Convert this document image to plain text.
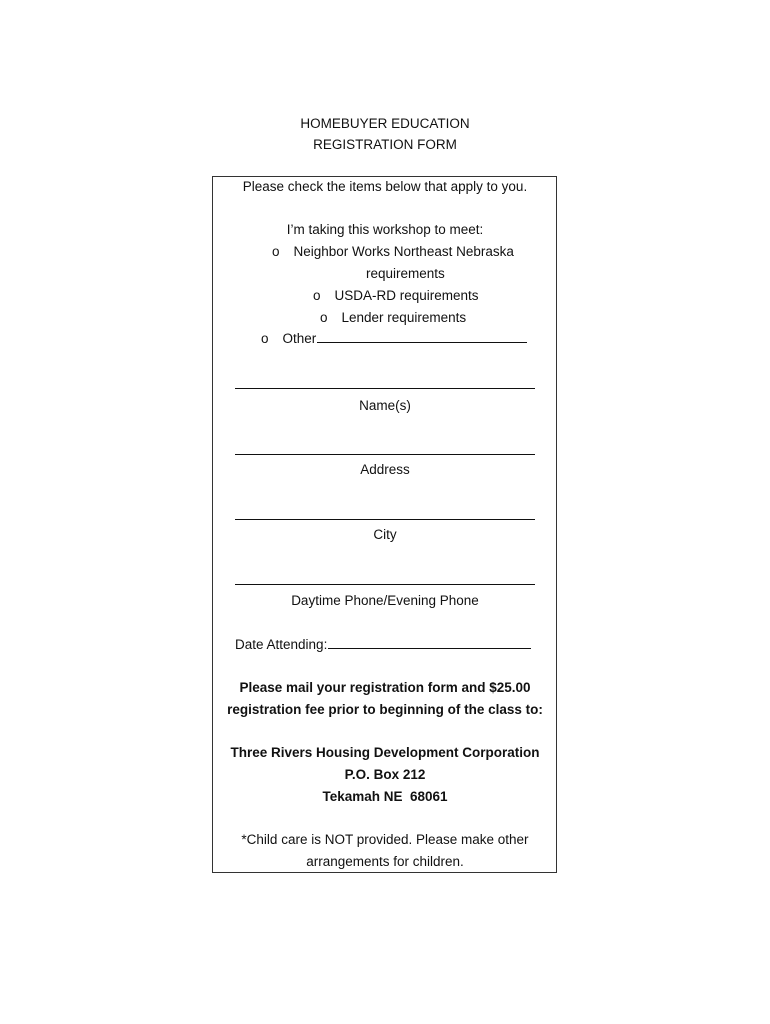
HOMEBUYER EDUCATION
REGISTRATION FORM
Please check the items below that apply to you.
I’m taking this workshop to meet:
o Neighbor Works Northeast Nebraska
requirements
o USDA-RD requirements
o Lender requirements
o Other
Name(s)
Address
City
Daytime Phone/Evening Phone
Date Attending:
Please mail your registration form and $25.00
registration fee prior to beginning of the class to:
Three Rivers Housing Development Corporation
P.O. Box 212
Tekamah NE  68061
*Child care is NOT provided. Please make other
arrangements for children.
